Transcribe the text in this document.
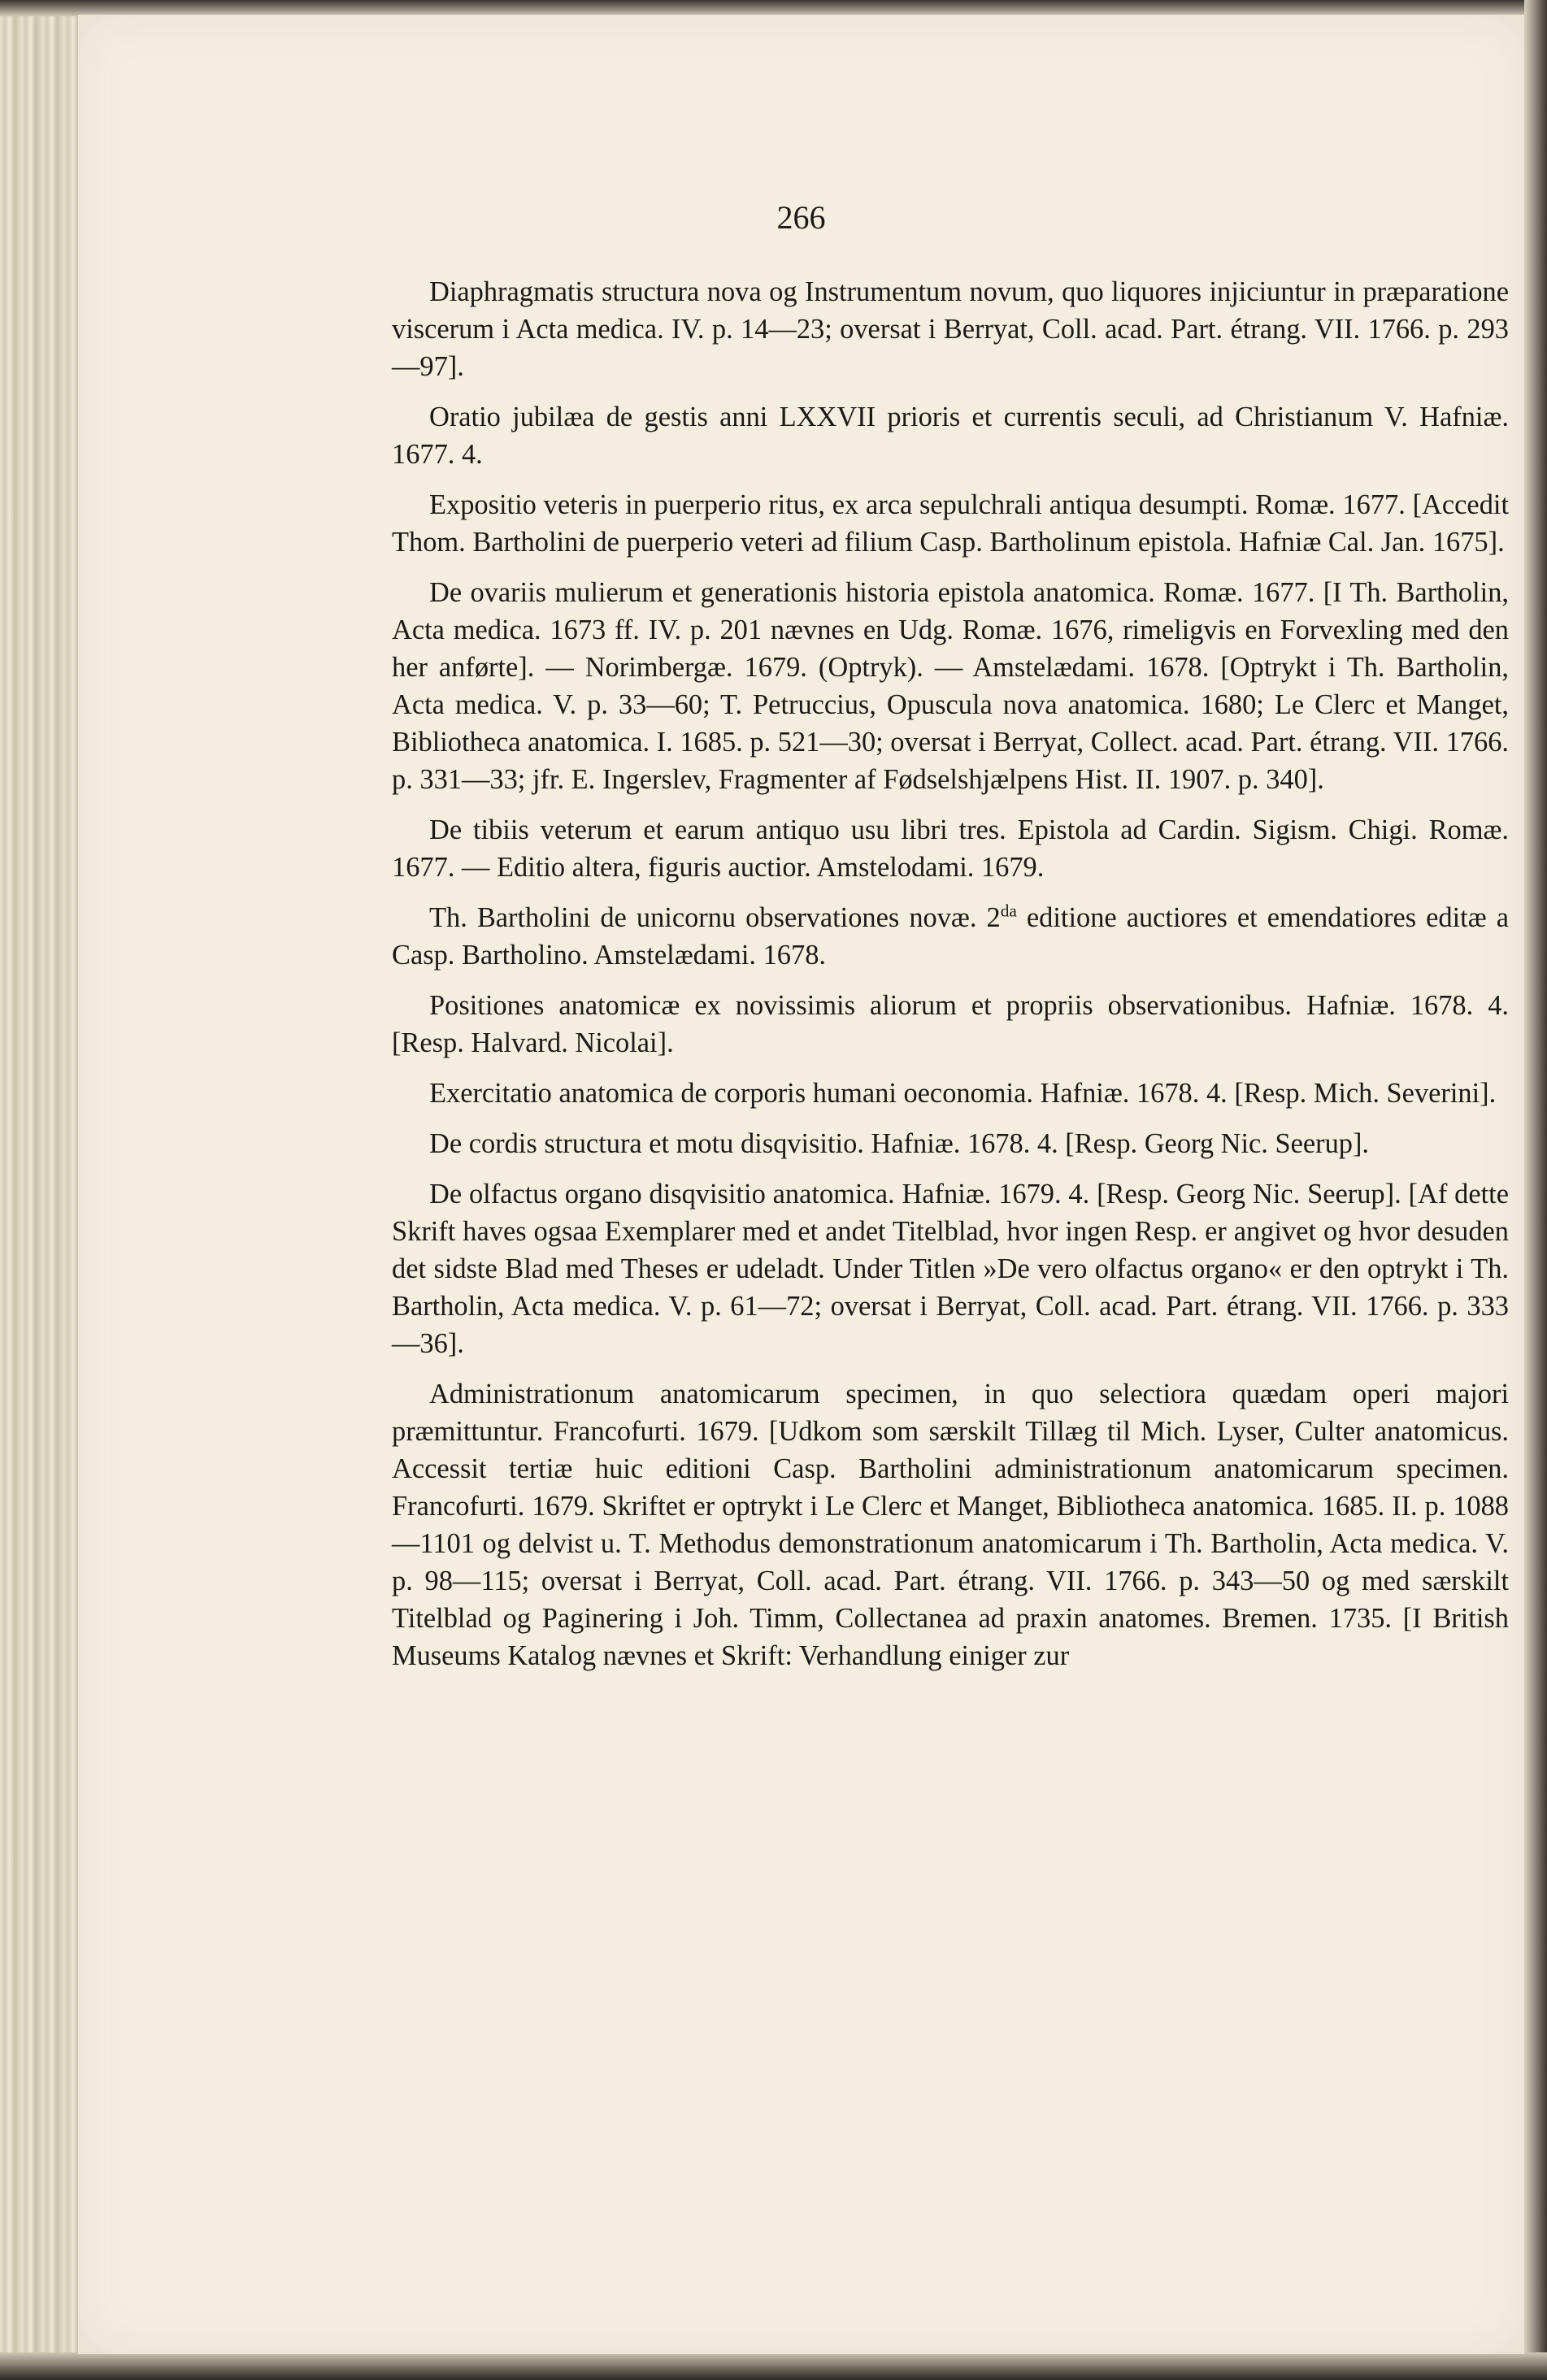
266

Diaphragmatis structura nova og Instrumentum novum, quo liquores injiciuntur in præparatione viscerum i Acta medica. IV. p. 14—23; oversat i Berryat, Coll. acad. Part. étrang. VII. 1766. p. 293—97].

Oratio jubilæa de gestis anni LXXVII prioris et currentis seculi, ad Christianum V. Hafniæ. 1677. 4.

Expositio veteris in puerperio ritus, ex arca sepulchrali antiqua desumpti. Romæ. 1677. [Accedit Thom. Bartholini de puerperio veteri ad filium Casp. Bartholinum epistola. Hafniæ Cal. Jan. 1675].

De ovariis mulierum et generationis historia epistola anatomica. Romæ. 1677. [I Th. Bartholin, Acta medica. 1673 ff. IV. p. 201 nævnes en Udg. Romæ. 1676, rimeligvis en Forvexling med den her anførte]. — Norimbergæ. 1679. (Optryk). — Amstelædami. 1678. [Optrykt i Th. Bartholin, Acta medica. V. p. 33—60; T. Petruccius, Opuscula nova anatomica. 1680; Le Clerc et Manget, Bibliotheca anatomica. I. 1685. p. 521—30; oversat i Berryat, Collect. acad. Part. étrang. VII. 1766. p. 331—33; jfr. E. Ingerslev, Fragmenter af Fødselshjælpens Hist. II. 1907. p. 340].

De tibiis veterum et earum antiquo usu libri tres. Epistola ad Cardin. Sigism. Chigi. Romæ. 1677. — Editio altera, figuris auctior. Amstelodami. 1679.

Th. Bartholini de unicornu observationes novæ. $2^{da}$ editione auctiores et emendatiores editæ a Casp. Bartholino. Amstelædami. 1678.

Positiones anatomicæ ex novissimis aliorum et propriis observationibus. Hafniæ. 1678. 4. [Resp. Halvard. Nicolai].

Exercitatio anatomica de corporis humani oeconomia. Hafniæ. 1678. 4. [Resp. Mich. Severini].

De cordis structura et motu disqvisitio. Hafniæ. 1678. 4. [Resp. Georg Nic. Seerup].

De olfactus organo disqvisitio anatomica. Hafniæ. 1679. 4. [Resp. Georg Nic. Seerup]. [Af dette Skrift haves ogsaa Exemplarer med et andet Titelblad, hvor ingen Resp. er angivet og hvor desuden det sidste Blad med Theses er udeladt. Under Titlen »De vero olfactus organo« er den optrykt i Th. Bartholin, Acta medica. V. p. 61—72; oversat i Berryat, Coll. acad. Part. étrang. VII. 1766. p. 333—36].

Administrationum anatomicarum specimen, in quo selectiora quædam operi majori præmittuntur. Francofurti. 1679. [Udkom som særskilt Tillæg til Mich. Lyser, Culter anatomicus. Accessit tertiæ huic editioni Casp. Bartholini administrationum anatomicarum specimen. Francofurti. 1679. Skriftet er optrykt i Le Clerc et Manget, Bibliotheca anatomica. 1685. II. p. 1088—1101 og delvist u. T. Methodus demonstrationum anatomicarum i Th. Bartholin, Acta medica. V. p. 98—115; oversat i Berryat, Coll. acad. Part. étrang. VII. 1766. p. 343—50 og med særskilt Titelblad og Paginering i Joh. Timm, Collectanea ad praxin anatomes. Bremen. 1735. [I British Museums Katalog nævnes et Skrift: Verhandlung einiger zur
